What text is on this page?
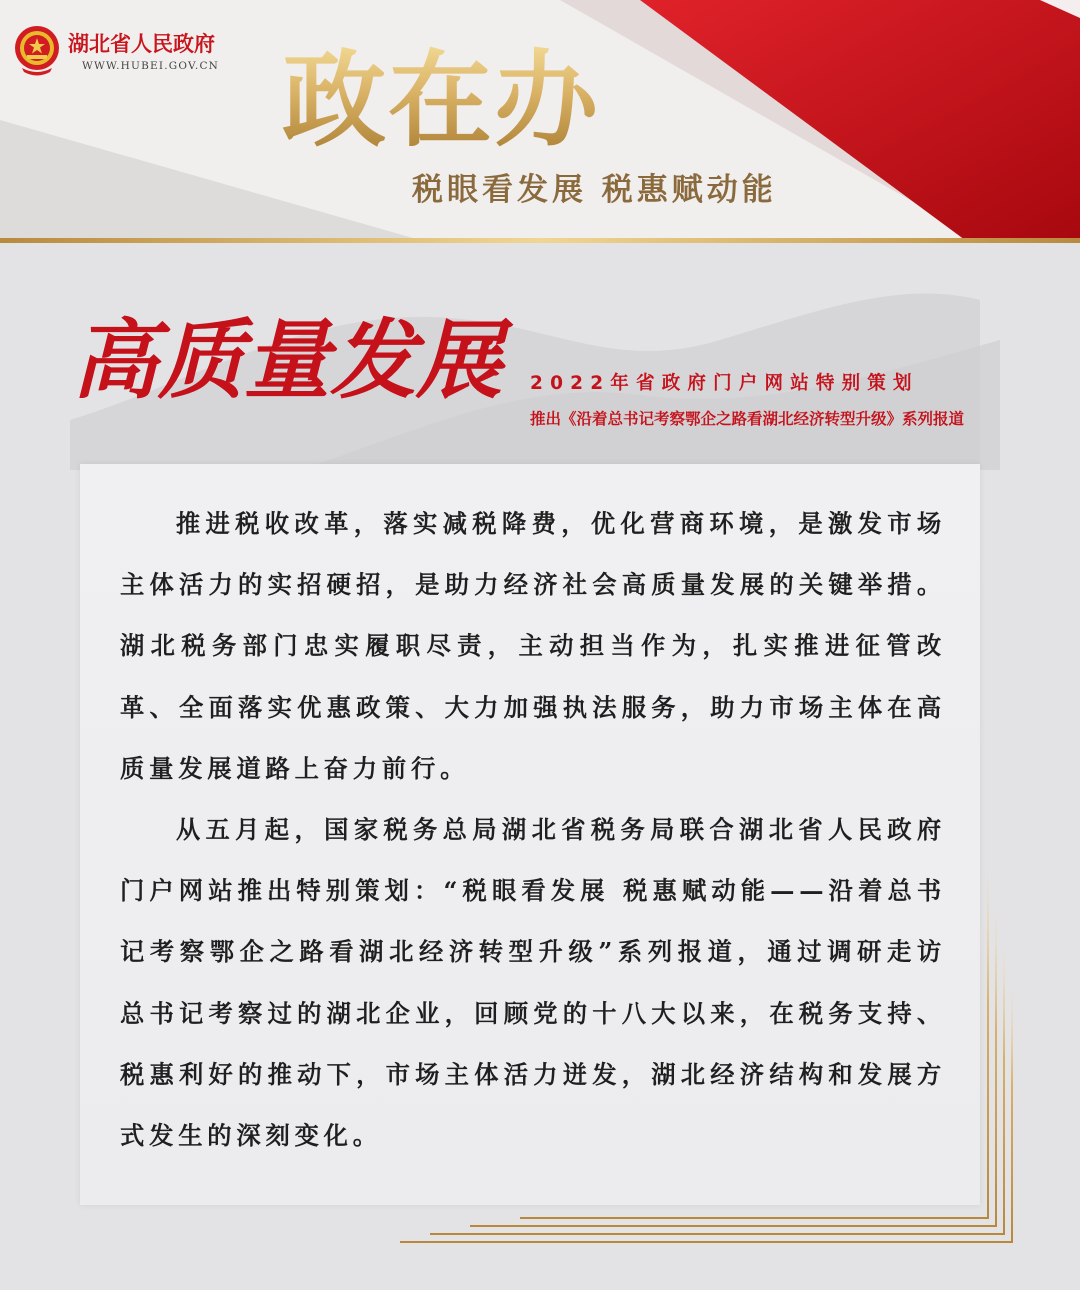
湖北省人民政府
WWW.HUBEI.GOV.CN 政在办
税眼看发展 税惠赋动能
高质量发展 2022年省政府门户网站特别策划
推出《沿着总书记考察鄂企之路看湖北经济转型升级》系列报道

推进税收改革，落实减税降费，优化营商环境，是激发市场主体活力的实招硬招，是助力经济社会高质量发展的关键举措。湖北税务部门忠实履职尽责，主动担当作为，扎实推进征管改革、全面落实优惠政策、大力加强执法服务，助力市场主体在高质量发展道路上奋力前行。

从五月起，国家税务总局湖北省税务局联合湖北省人民政府门户网站推出特别策划：“税眼看发展 税惠赋动能——沿着总书记考察鄂企之路看湖北经济转型升级”系列报道，通过调研走访总书记考察过的湖北企业，回顾党的十八大以来，在税务支持、税惠利好的推动下，市场主体活力迸发，湖北经济结构和发展方式发生的深刻变化。
